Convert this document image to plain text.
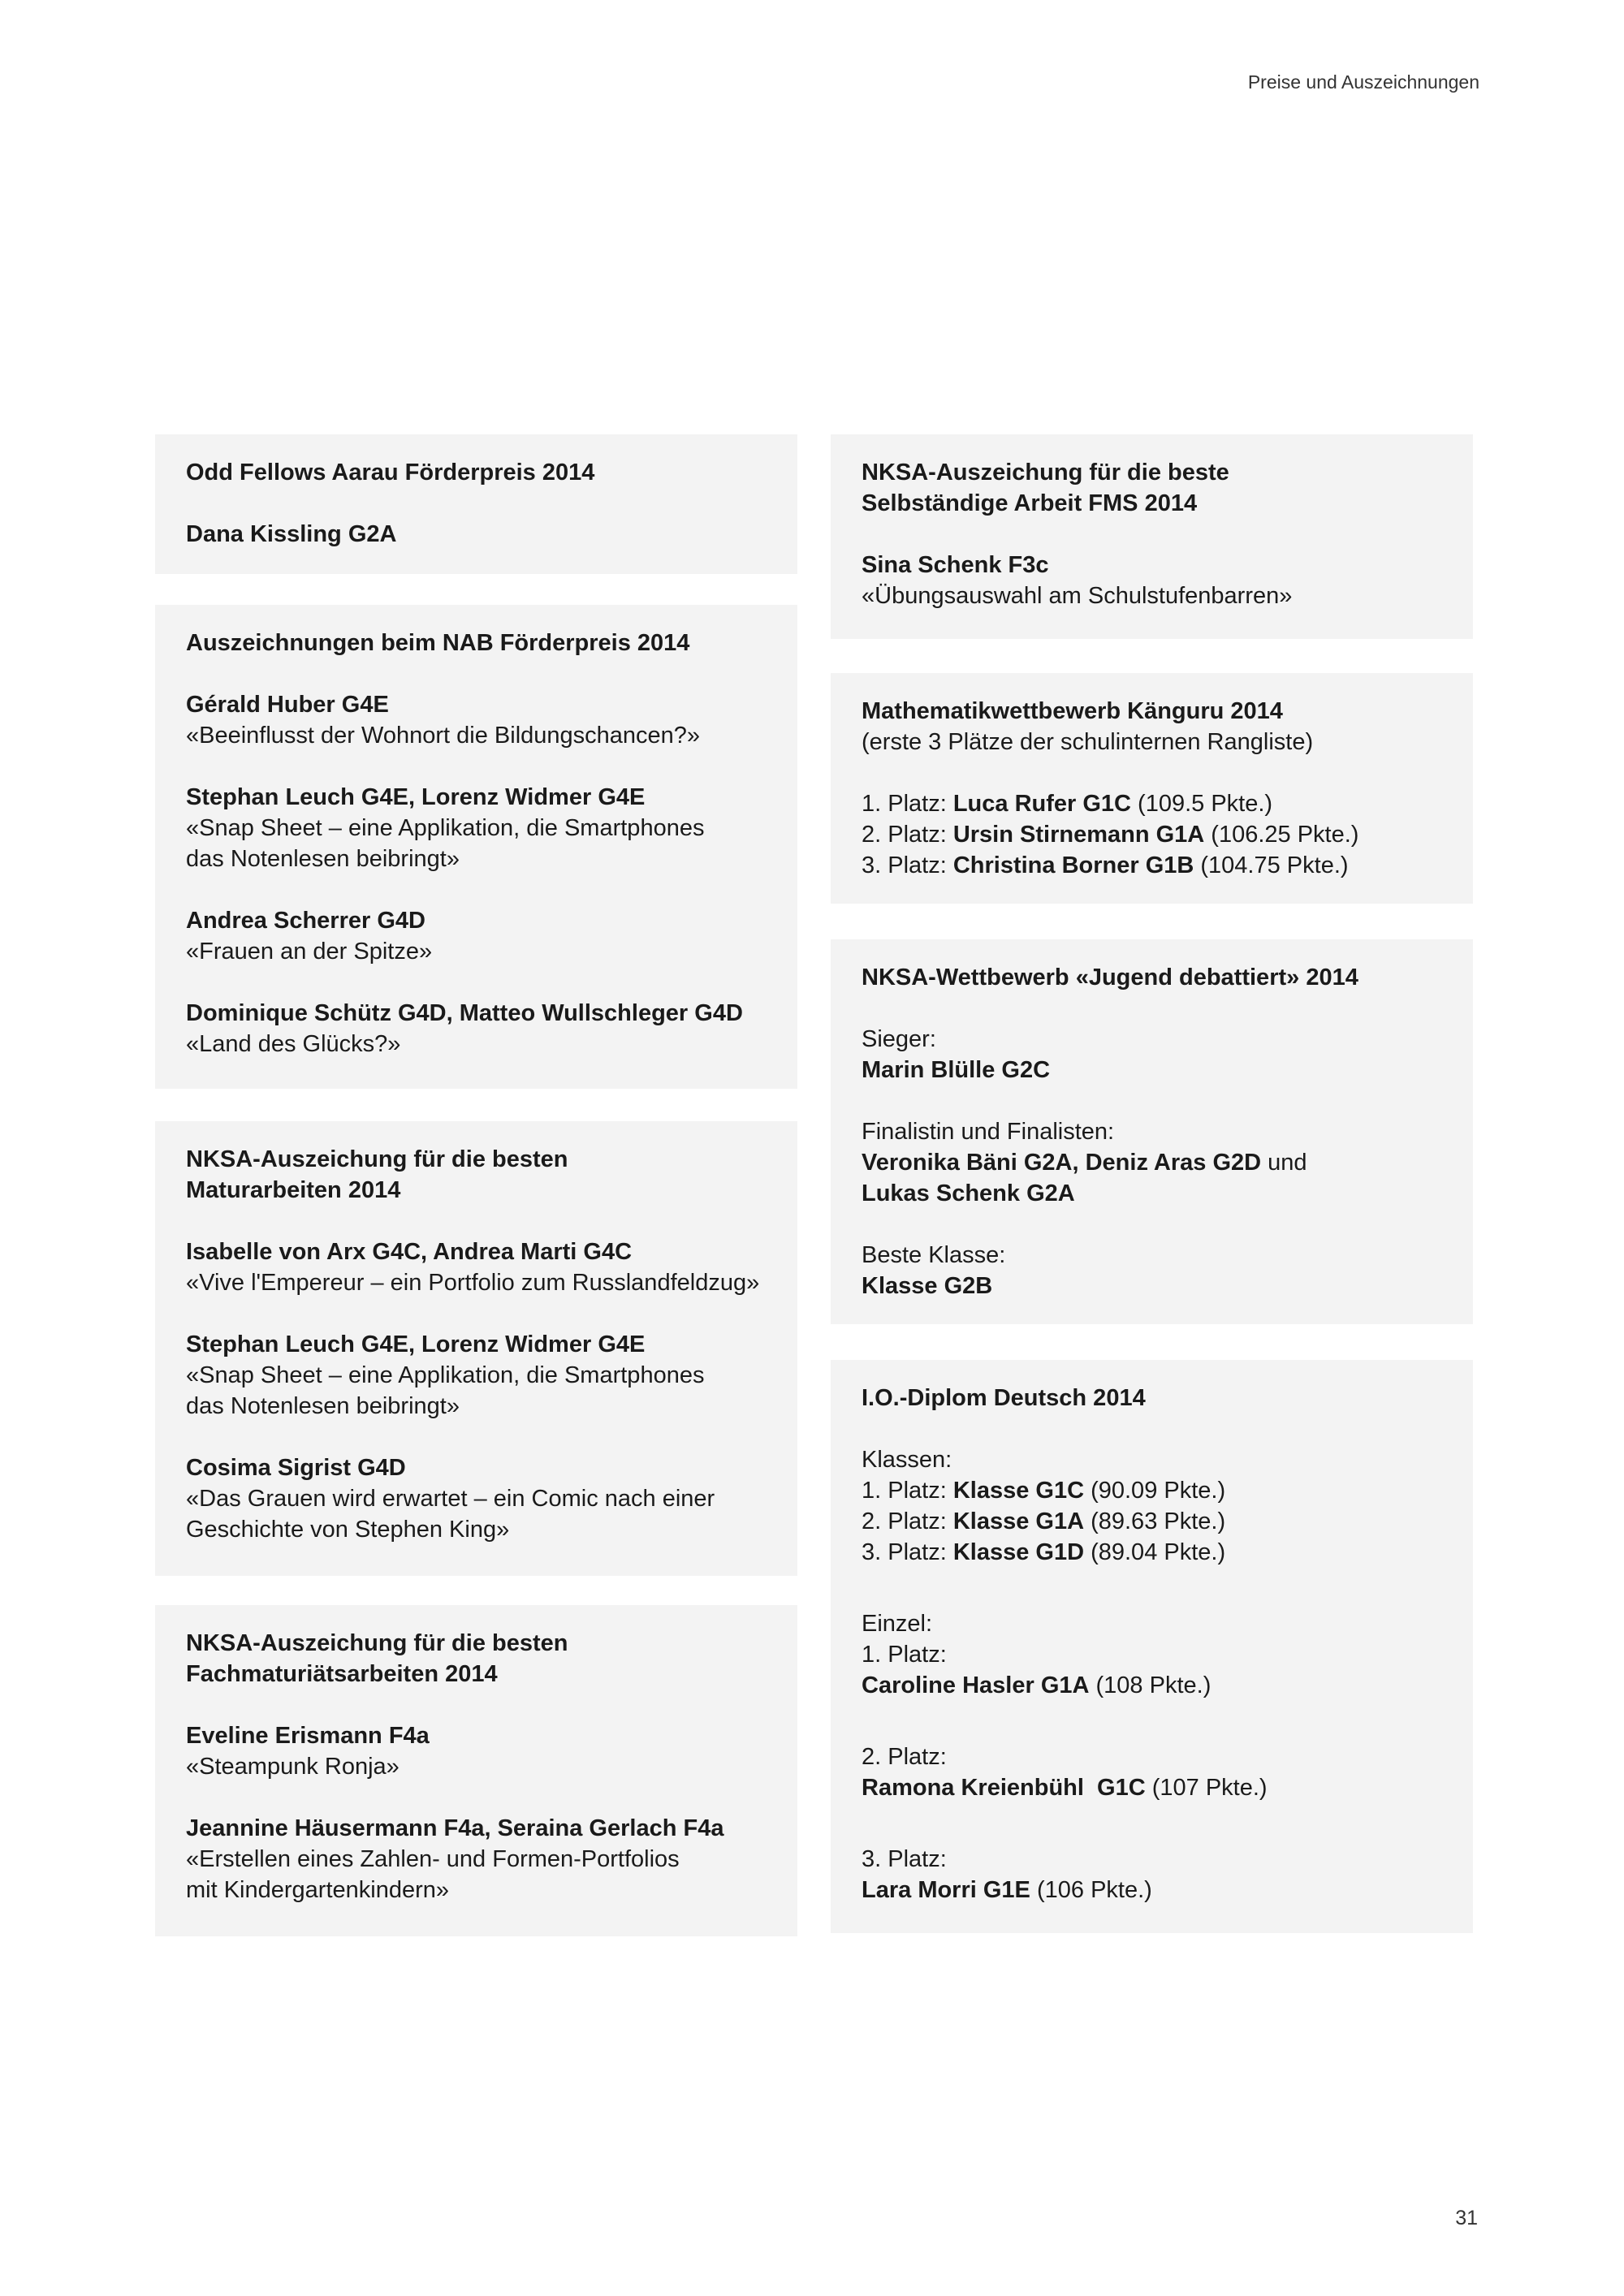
Preise und Auszeichnungen
Odd Fellows Aarau Förderpreis 2014
Dana Kissling G2A
Auszeichnungen beim NAB Förderpreis 2014
Gérald Huber G4E
«Beeinflusst der Wohnort die Bildungschancen?»
Stephan Leuch G4E, Lorenz Widmer G4E
«Snap Sheet – eine Applikation, die Smartphones
das Notenlesen beibringt»
Andrea Scherrer G4D
«Frauen an der Spitze»
Dominique Schütz G4D, Matteo Wullschleger G4D
«Land des Glücks?»
NKSA-Auszeichung für die besten
Maturarbeiten 2014
Isabelle von Arx G4C, Andrea Marti G4C
«Vive l'Empereur – ein Portfolio zum Russlandfeldzug»
Stephan Leuch G4E, Lorenz Widmer G4E
«Snap Sheet – eine Applikation, die Smartphones
das Notenlesen beibringt»
Cosima Sigrist G4D
«Das Grauen wird erwartet – ein Comic nach einer
Geschichte von Stephen King»
NKSA-Auszeichung für die besten
Fachmaturiätsarbeiten 2014
Eveline Erismann F4a
«Steampunk Ronja»
Jeannine Häusermann F4a, Seraina Gerlach F4a
«Erstellen eines Zahlen- und Formen-Portfolios
mit Kindergartenkindern»
NKSA-Auszeichung für die beste
Selbständige Arbeit FMS 2014
Sina Schenk F3c
«Übungsauswahl am Schulstufenbarren»
Mathematikwettbewerb Känguru 2014
(erste 3 Plätze der schulinternen Rangliste)
1. Platz: Luca Rufer G1C (109.5 Pkte.)
2. Platz: Ursin Stirnemann G1A (106.25 Pkte.)
3. Platz: Christina Borner G1B (104.75 Pkte.)
NKSA-Wettbewerb «Jugend debattiert» 2014
Sieger:
Marin Blülle G2C
Finalistin und Finalisten:
Veronika Bäni G2A, Deniz Aras G2D und
Lukas Schenk G2A
Beste Klasse:
Klasse G2B
I.O.-Diplom Deutsch 2014
Klassen:
1. Platz: Klasse G1C (90.09 Pkte.)
2. Platz: Klasse G1A (89.63 Pkte.)
3. Platz: Klasse G1D (89.04 Pkte.)
Einzel:
1. Platz:
Caroline Hasler G1A (108 Pkte.)
2. Platz:
Ramona Kreienbühl  G1C (107 Pkte.)
3. Platz:
Lara Morri G1E (106 Pkte.)
31
